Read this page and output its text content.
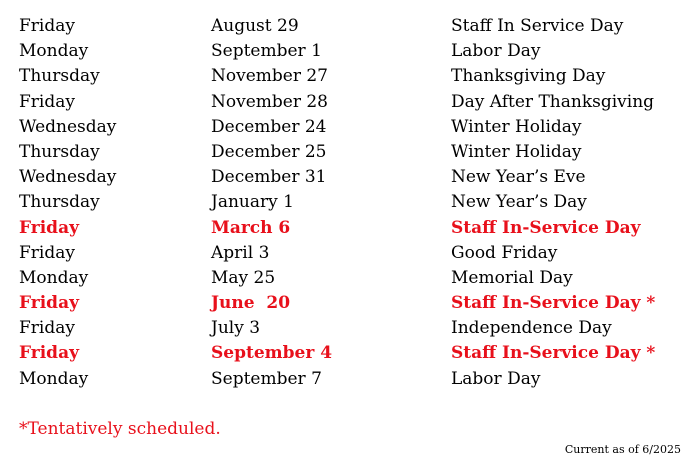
Friday	August 29	Staff In Service Day
Monday	September 1	Labor Day
Thursday	November 27	Thanksgiving Day
Friday	November 28	Day After Thanksgiving
Wednesday	December 24	Winter Holiday
Thursday	December 25	Winter Holiday
Wednesday	December 31	New Year’s Eve
Thursday	January 1	New Year’s Day
Friday	March 6	Staff In-Service Day
Friday	April 3	Good Friday
Monday	May 25	Memorial Day
Friday	June  20	Staff In-Service Day *
Friday	July 3	Independence Day
Friday	September 4	Staff In-Service Day *
Monday	September 7	Labor Day
*Tentatively scheduled.
Current as of 6/2025
